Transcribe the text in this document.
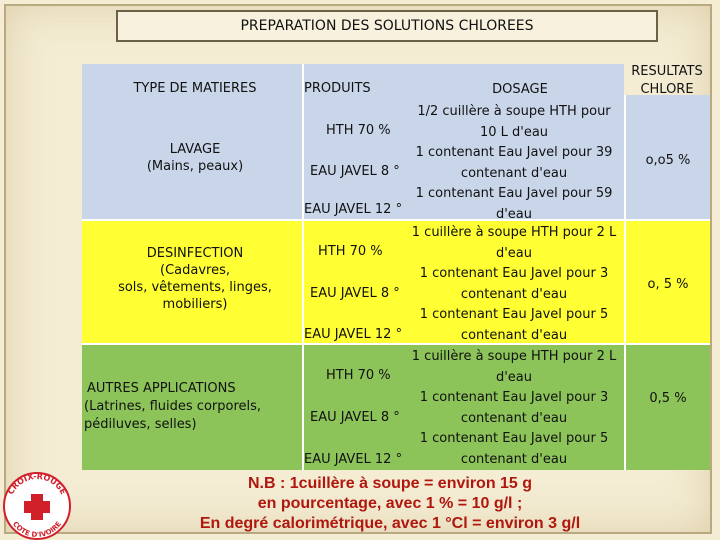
PREPARATION DES SOLUTIONS CHLOREES
TYPE DE MATIERES	PRODUITS	DOSAGE
RESULTATS
CHLORE
LAVAGE
(Mains, peaux)
HTH 70 %
EAU JAVEL 8 °
EAU JAVEL 12 °
1/2 cuillère à soupe HTH pour
10 L d'eau
1 contenant Eau Javel pour 39
contenant d'eau
1 contenant Eau Javel pour 59
d'eau
o,o5 %
DESINFECTION
(Cadavres,
sols, vêtements, linges,
mobiliers)
HTH 70 %
EAU JAVEL 8 °
EAU JAVEL 12 °
1 cuillère à soupe HTH pour 2 L
d'eau
1 contenant Eau Javel pour 3
contenant d'eau
1 contenant Eau Javel pour 5
contenant d'eau
o, 5 %
AUTRES APPLICATIONS
(Latrines, fluides corporels,
pédiluves, selles)
HTH 70 %
EAU JAVEL 8 °
EAU JAVEL 12 °
1 cuillère à soupe HTH pour 2 L
d'eau
1 contenant Eau Javel pour 3
contenant d'eau
1 contenant Eau Javel pour 5
contenant d'eau
0,5 %
N.B : 1cuillère à soupe = environ 15 g
en pourcentage, avec 1 % = 10 g/l ;
En degré calorimétrique, avec 1 °Cl = environ 3 g/l
CROIX-ROUGE
COTE D'IVOIRE
